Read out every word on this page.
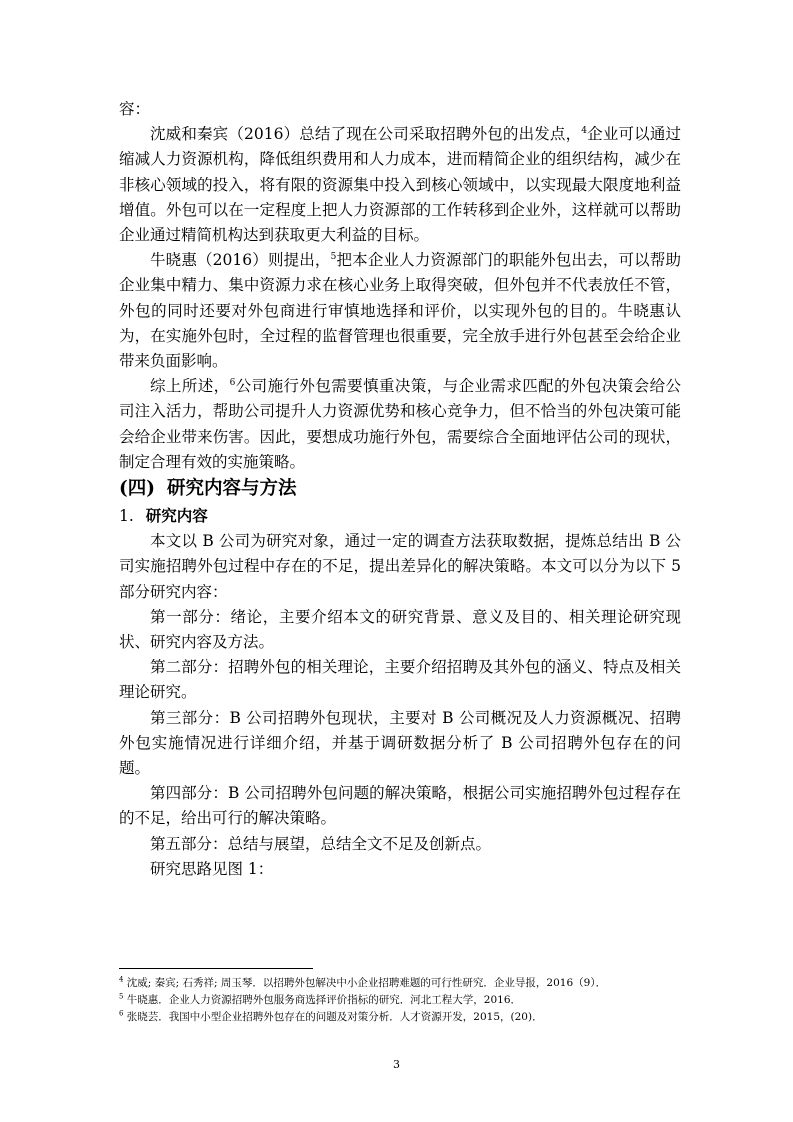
容：

沈威和秦宾（2016）总结了现在公司采取招聘外包的出发点，$^4$企业可以通过缩减人力资源机构，降低组织费用和人力成本，进而精简企业的组织结构，减少在非核心领域的投入，将有限的资源集中投入到核心领域中，以实现最大限度地利益增值。外包可以在一定程度上把人力资源部的工作转移到企业外，这样就可以帮助企业通过精简机构达到获取更大利益的目标。

牛晓惠（2016）则提出，$^5$把本企业人力资源部门的职能外包出去，可以帮助企业集中精力、集中资源力求在核心业务上取得突破，但外包并不代表放任不管，外包的同时还要对外包商进行审慎地选择和评价，以实现外包的目的。牛晓惠认为，在实施外包时，全过程的监督管理也很重要，完全放手进行外包甚至会给企业带来负面影响。

综上所述，$^6$公司施行外包需要慎重决策，与企业需求匹配的外包决策会给公司注入活力，帮助公司提升人力资源优势和核心竞争力，但不恰当的外包决策可能会给企业带来伤害。因此，要想成功施行外包，需要综合全面地评估公司的现状，制定合理有效的实施策略。

(四) 研究内容与方法

1. 研究内容

本文以 B 公司为研究对象，通过一定的调查方法获取数据，提炼总结出 B 公司实施招聘外包过程中存在的不足，提出差异化的解决策略。本文可以分为以下 5 部分研究内容：

第一部分：绪论，主要介绍本文的研究背景、意义及目的、相关理论研究现状、研究内容及方法。

第二部分：招聘外包的相关理论，主要介绍招聘及其外包的涵义、特点及相关理论研究。

第三部分：B 公司招聘外包现状，主要对 B 公司概况及人力资源概况、招聘外包实施情况进行详细介绍，并基于调研数据分析了 B 公司招聘外包存在的问题。

第四部分：B 公司招聘外包问题的解决策略，根据公司实施招聘外包过程存在的不足，给出可行的解决策略。

第五部分：总结与展望，总结全文不足及创新点。

研究思路见图 1：

$^4$ 沈威; 秦宾; 石秀祥; 周玉琴．以招聘外包解决中小企业招聘难题的可行性研究．企业导报，2016（9）．
$^5$ 牛晓惠．企业人力资源招聘外包服务商选择评价指标的研究．河北工程大学，2016．
$^6$ 张晓芸．我国中小型企业招聘外包存在的问题及对策分析．人才资源开发，2015，(20)．
3
